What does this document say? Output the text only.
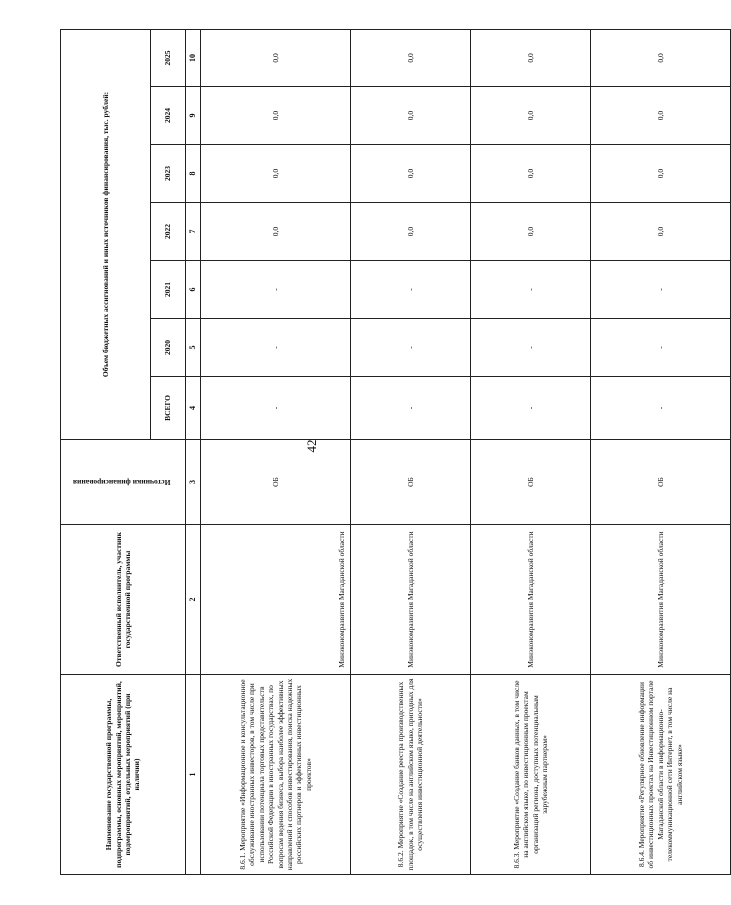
42
Наименование государственной программы, подпрограммы, основных мероприятий, мероприятий, подмероприятий, отдельных мероприятий (при наличии)	Ответственный исполнитель, участник государственной программы	Источники финансирования	Объем бюджетных ассигнований и иных источников финансирования, тыс. рублей:						
			ВСЕГО	2020	2021	2022	2023	2024	2025
1	2	3	4	5	6	7	8	9	10
8.6.1. Мероприятие «Информационное и консультационное обслуживание иностранных инвесторов, в том числе при использовании потенциала торговых представительств Российской Федерации в иностранных государствах, по вопросам ведения бизнеса, выбора наиболее эффективных направлений и способов инвестирования, поиска надежных российских партнеров и эффективных инвестиционных проектов»	Минэкономразвития Магаданской области	ОБ	-	-	-	0,0	0,0	0,0	0,0
8.6.2. Мероприятие «Создание реестра производственных площадок, в том числе на английском языке, пригодных для осуществления инвестиционной деятельности»	Минэкономразвития Магаданской области	ОБ	-	-	-	0,0	0,0	0,0	0,0
8.6.3. Мероприятие «Создание банков данных, в том числе на английском языке, по инвестиционным проектам организаций региона, доступных потенциальным зарубежным партнерам»	Минэкономразвития Магаданской области	ОБ	-	-	-	0,0	0,0	0,0	0,0
8.6.4. Мероприятие «Регулярное обновление информации об инвестиционных проектах на Инвестиционном портале Магаданской области в информационно-телекоммуникационной сети Интернет, в том числе на английском языке»	Минэкономразвития Магаданской области	ОБ	-	-	-	0,0	0,0	0,0	0,0
